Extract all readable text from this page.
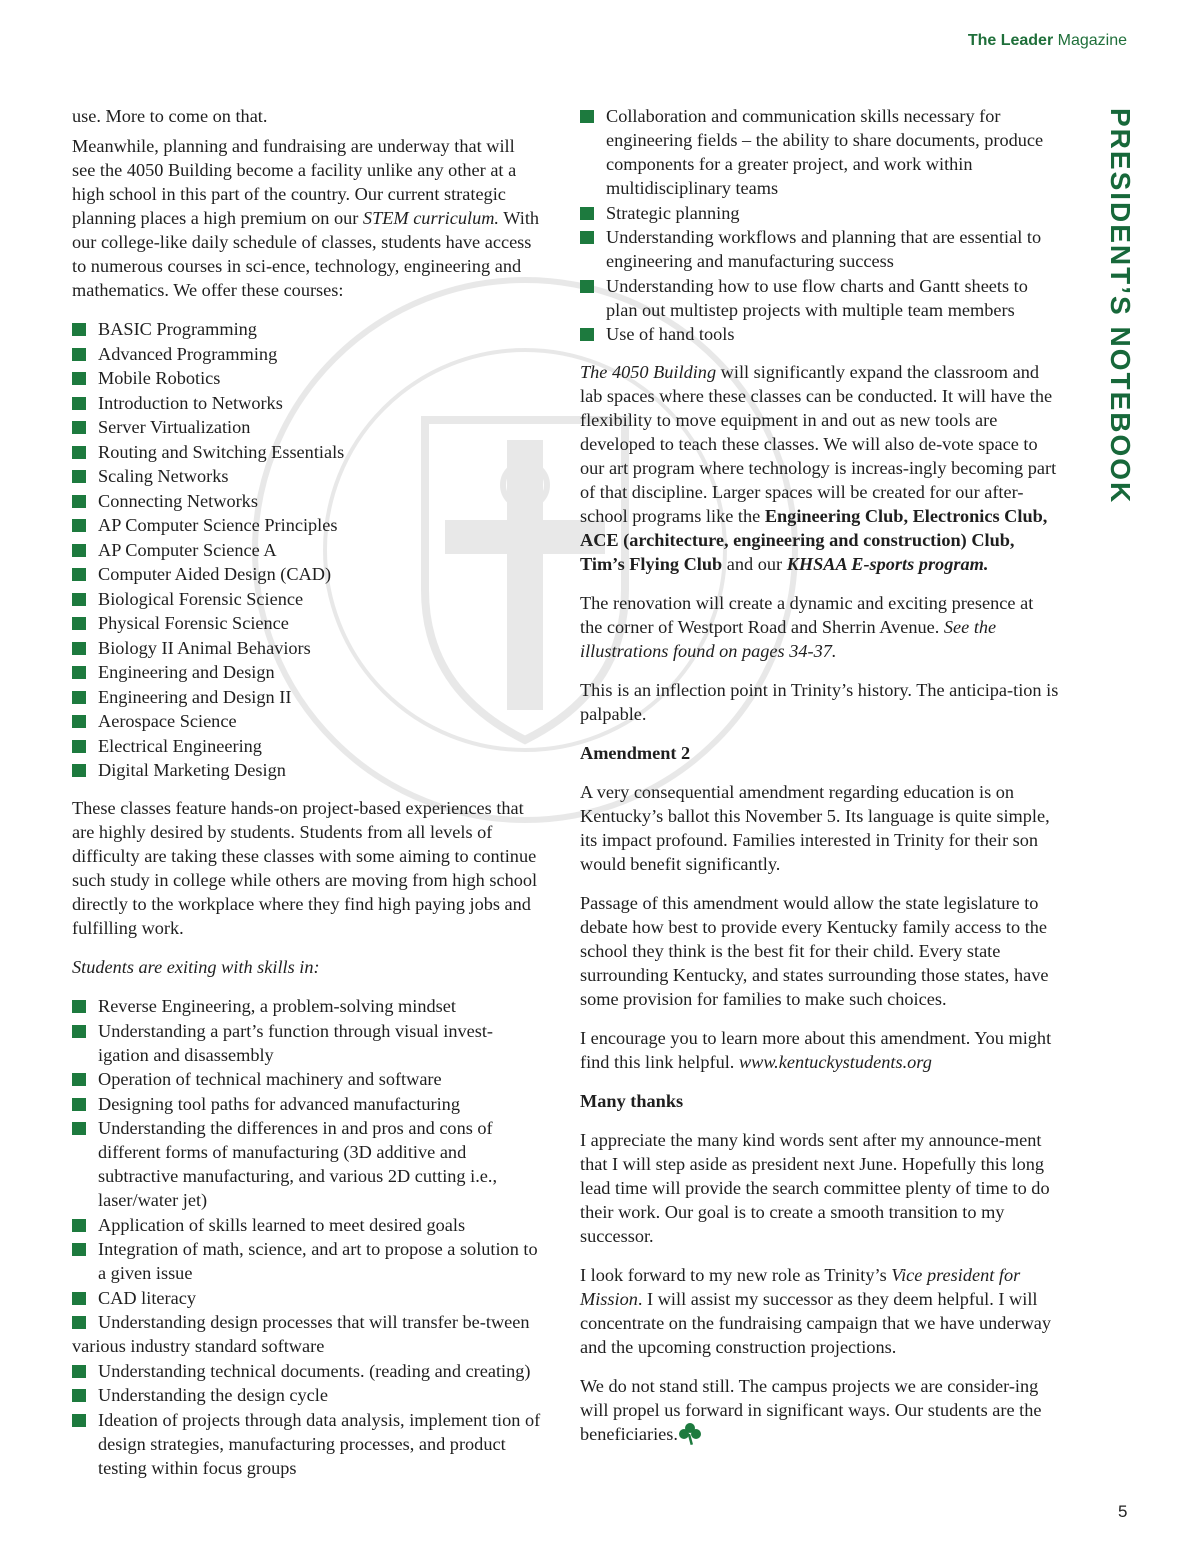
The Leader Magazine
PRESIDENT’S NOTEBOOK

use. More to come on that.

Meanwhile, planning and fundraising are underway that will see the 4050 Building become a facility unlike any other at a high school in this part of the country. Our current strategic planning places a high premium on our STEM curriculum. With our college-like daily schedule of classes, students have access to numerous courses in sci-ence, technology, engineering and mathematics. We offer these courses:

BASIC Programming
Advanced Programming
Mobile Robotics
Introduction to Networks
Server Virtualization
Routing and Switching Essentials
Scaling Networks
Connecting Networks
AP Computer Science Principles
AP Computer Science A
Computer Aided Design (CAD)
Biological Forensic Science
Physical Forensic Science
Biology II Animal Behaviors
Engineering and Design
Engineering and Design II
Aerospace Science
Electrical Engineering
Digital Marketing Design

These classes feature hands-on project-based experiences that are highly desired by students. Students from all levels of difficulty are taking these classes with some aiming to continue such study in college while others are moving from high school directly to the workplace where they find high paying jobs and fulfilling work.

Students are exiting with skills in:

Reverse Engineering, a problem-solving mindset
Understanding a part’s function through visual invest-igation and disassembly
Operation of technical machinery and software
Designing tool paths for advanced manufacturing
Understanding the differences in and pros and cons of different forms of manufacturing (3D additive and subtractive manufacturing, and various 2D cutting i.e., laser/water jet)
Application of skills learned to meet desired goals
Integration of math, science, and art to propose a solution to a given issue
CAD literacy
Understanding design processes that will transfer be-tween various industry standard software
Understanding technical documents. (reading and creating)
Understanding the design cycle
Ideation of projects through data analysis, implement tion of design strategies, manufacturing processes, and product testing within focus groups
Collaboration and communication skills necessary for engineering fields – the ability to share documents, produce components for a greater project, and work within multidisciplinary teams
Strategic planning
Understanding workflows and planning that are essential to engineering and manufacturing success
Understanding how to use flow charts and Gantt sheets to plan out multistep projects with multiple team members
Use of hand tools

The 4050 Building will significantly expand the classroom and lab spaces where these classes can be conducted. It will have the flexibility to move equipment in and out as new tools are developed to teach these classes. We will also de-vote space to our art program where technology is increas-ingly becoming part of that discipline. Larger spaces will be created for our after-school programs like the Engineering Club, Electronics Club, ACE (architecture, engineering and construction) Club, Tim’s Flying Club and our KHSAA E-sports program.

The renovation will create a dynamic and exciting presence at the corner of Westport Road and Sherrin Avenue. See the illustrations found on pages 34-37.

This is an inflection point in Trinity’s history. The anticipa-tion is palpable.

Amendment 2

A very consequential amendment regarding education is on Kentucky’s ballot this November 5. Its language is quite simple, its impact profound. Families interested in Trinity for their son would benefit significantly.

Passage of this amendment would allow the state legislature to debate how best to provide every Kentucky family access to the school they think is the best fit for their child. Every state surrounding Kentucky, and states surrounding those states, have some provision for families to make such choices.

I encourage you to learn more about this amendment. You might find this link helpful. www.kentuckystudents.org

Many thanks

I appreciate the many kind words sent after my announce-ment that I will step aside as president next June. Hopefully this long lead time will provide the search committee plenty of time to do their work. Our goal is to create a smooth transition to my successor.

I look forward to my new role as Trinity’s Vice president for Mission. I will assist my successor as they deem helpful. I will concentrate on the fundraising campaign that we have underway and the upcoming construction projections.

We do not stand still. The campus projects we are consider-ing will propel us forward in significant ways. Our students are the beneficiaries.

5
